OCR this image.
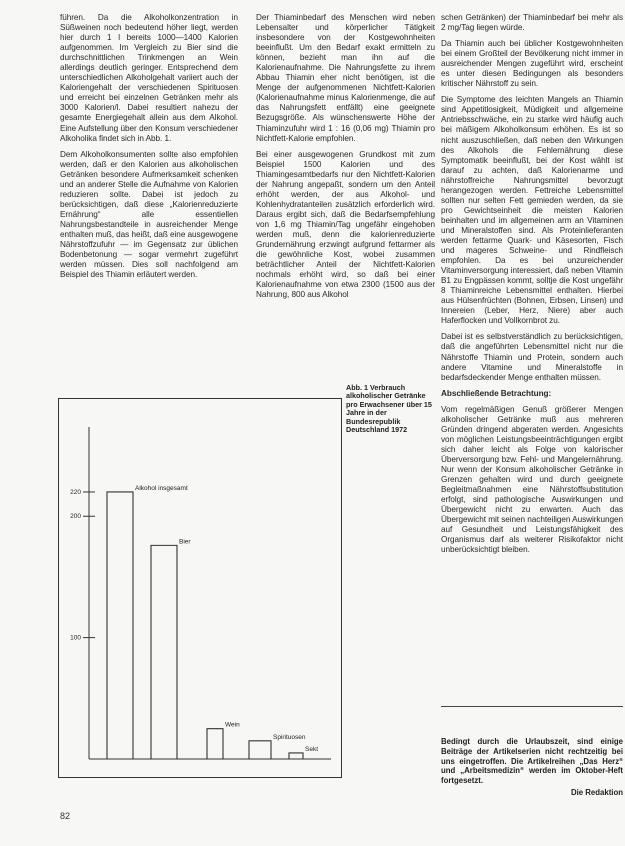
führen. Da die Alkoholkonzentration in Süßweinen noch bedeutend höher liegt, werden hier durch 1 l bereits 1000—1400 Kalorien aufgenommen. Im Vergleich zu Bier sind die durchschnittlichen Trinkmengen an Wein allerdings deutlich geringer. Entsprechend dem unterschiedlichen Alkoholgehalt variiert auch der Kaloriengehalt der verschiedenen Spirituosen und erreicht bei einzelnen Getränken mehr als 3000 Kalorien/l. Dabei resultiert nahezu der gesamte Energiegehalt allein aus dem Alkohol. Eine Aufstellung über den Konsum verschiedener Alkoholika findet sich in Abb. 1.

Dem Alkoholkonsumenten sollte also empfohlen werden, daß er den Kalorien aus alkoholischen Getränken besondere Aufmerksamkeit schenken und an anderer Stelle die Aufnahme von Kalorien reduzieren sollte. Dabei ist jedoch zu berücksichtigen, daß diese „Kalorienreduzierte Ernährung“ alle essentiellen Nahrungsbestandteile in ausreichender Menge enthalten muß, das heißt, daß eine ausgewogene Nährstoffzufuhr — im Gegensatz zur üblichen Bodenbetonung — sogar vermehrt zugeführt werden müssen. Dies soll nachfolgend am Beispiel des Thiamin erläutert werden.

Der Thiaminbedarf des Menschen wird neben Lebensalter und körperlicher Tätigkeit insbesondere von der Kostgewohnheiten beeinflußt. Um den Bedarf exakt ermitteln zu können, bezieht man ihn auf die Kalorienaufnahme. Die Nahrungsfette zu ihrem Abbau Thiamin eher nicht benötigen, ist die Menge der aufgenommenen Nichtfett-Kalorien (Kalorienaufnahme minus Kalorienmenge, die auf das Nahrungsfett entfällt) eine geeignete Bezugsgröße. Als wünschenswerte Höhe der Thiaminzufuhr wird 1 : 16 (0,06 mg) Thiamin pro Nichtfett-Kalorie empfohlen.

Bei einer ausgewogenen Grundkost mit zum Beispiel 1500 Kalorien und des Thiamingesamtbedarfs nur den Nichtfett-Kalorien der Nahrung angepaßt, sondern um den Anteil erhöht werden, der aus Alkohol- und Kohlenhydratanteilen zusätzlich erforderlich wird. Daraus ergibt sich, daß die Bedarfsempfehlung von 1,6 mg Thiamin/Tag ungefähr eingehoben werden muß, denn die kalorienreduzierte Grundernährung erzwingt aufgrund fettarmer als die gewöhnliche Kost, wobei zusammen beträchtlicher Anteil der Nichtfett-Kalorien nochmals erhöht wird, so daß bei einer Kalorienaufnahme von etwa 2300 (1500 aus der Nahrung, 800 aus Alkohol

schen Getränken) der Thiaminbedarf bei mehr als 2 mg/Tag liegen würde.

Da Thiamin auch bei üblicher Kostgewohnheiten bei einem Großteil der Bevölkerung nicht immer in ausreichender Mengen zugeführt wird, erscheint es unter diesen Bedingungen als besonders kritischer Nährstoff zu sein.

Die Symptome des leichten Mangels an Thiamin sind Appetitlosigkeit, Müdigkeit und allgemeine Antriebsschwäche, ein zu starke wird häufig auch bei mäßigem Alkoholkonsum erhöhen. Es ist so nicht auszuschließen, daß neben den Wirkungen des Alkohols die Fehlernährung diese Symptomatik beeinflußt, bei der Kost wählt ist darauf zu achten, daß Kalorienarme und nährstoffreiche Nahrungsmittel bevorzugt herangezogen werden. Fettreiche Lebensmittel sollten nur selten Fett gemieden werden, da sie pro Gewichtseinheit die meisten Kalorien beinhalten und im allgemeinen arm an Vitaminen und Mineralstoffen sind. Als Proteinlieferanten werden fettarme Quark- und Käsesorten, Fisch und mageres Schweine- und Rindfleisch empfohlen. Da es bei unzureichender Vitaminversorgung interessiert, daß neben Vitamin B1 zu Engpässen kommt, solltje die Kost ungefähr 8 Thiaminreiche Lebensmittel enthalten. Hierbei aus Hülsenfrüchten (Bohnen, Erbsen, Linsen) und Innereien (Leber, Herz, Niere) aber auch Haferflocken und Vollkornbrot zu.

Dabei ist es selbstverständlich zu berücksichtigen, daß die angeführten Lebensmittel nicht nur die Nährstoffe Thiamin und Protein, sondern auch andere Vitamine und Mineralstoffe in bedarfsdeckender Menge enthalten müssen.

Abschließende Betrachtung:

Vom regelmäßigen Genuß größerer Mengen alkoholischer Getränke muß aus mehreren Gründen dringend abgeraten werden. Angesichts von möglichen Leistungsbeeinträchtigungen ergibt sich daher leicht als Folge von kalorischer Überversorgung bzw. Fehl- und Mangelernährung. Nur wenn der Konsum alkoholischer Getränke in Grenzen gehalten wird und durch geeignete Begleitmaßnahmen eine Nährstoffsubstitution erfolgt, sind pathologische Auswirkungen und Übergewicht nicht zu erwarten. Auch das Übergewicht mit seinen nachteiligen Auswirkungen auf Gesundheit und Leistungsfähigkeit des Organismus darf als weiterer Risikofaktor nicht unberücksichtigt bleiben.

Abb. 1 Verbrauch alkoholischer Getränke pro Erwachsener über 15 Jahre in der Bundesrepublik Deutschland 1972
220
200
100
Alkohol insgesamt
Bier
Wein
Spirituosen
Sekt
Bedingt durch die Urlaubszeit, sind einige Beiträge der Artikelserien nicht rechtzeitig bei uns eingetroffen. Die Artikelreihen „Das Herz“ und „Arbeitsmedizin“ werden im Oktober-Heft fortgesetzt.
Die Redaktion
82
